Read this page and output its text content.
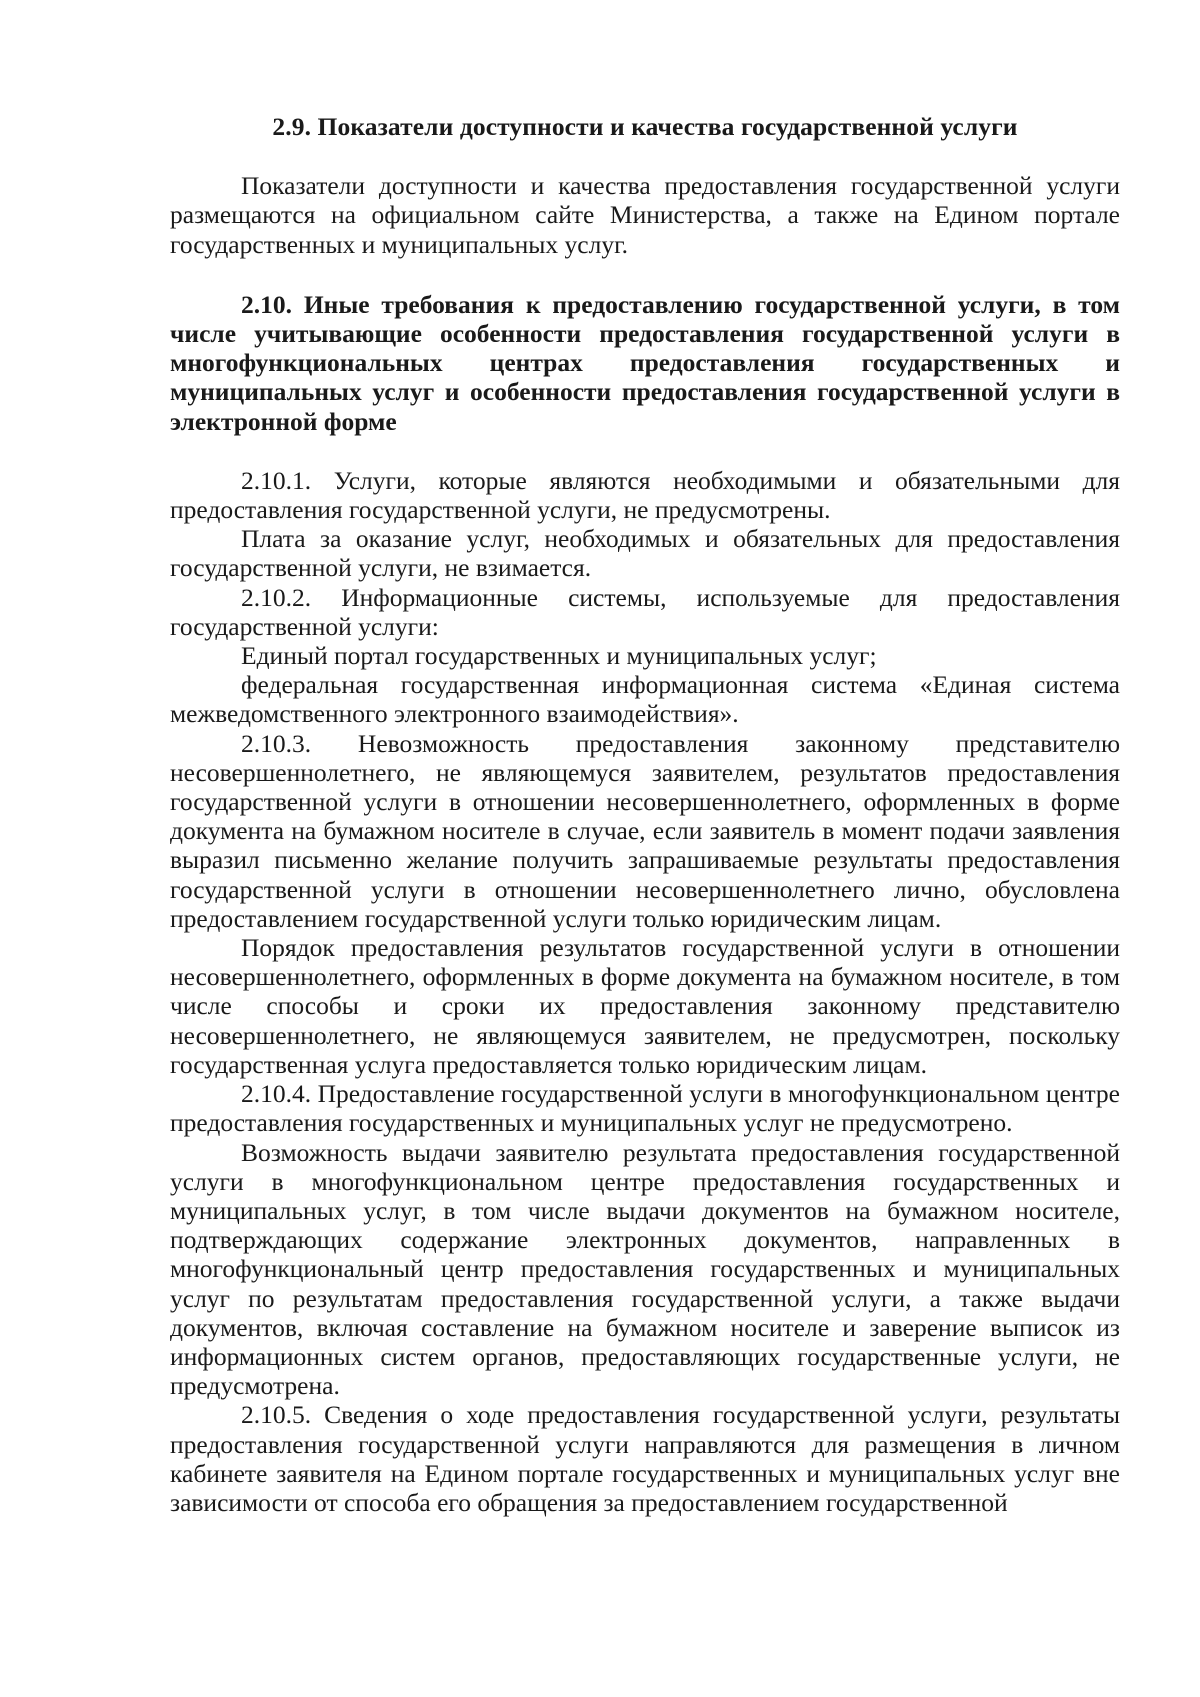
2.9. Показатели доступности и качества государственной услуги

Показатели доступности и качества предоставления государственной услуги размещаются на официальном сайте Министерства, а также на Едином портале государственных и муниципальных услуг.

2.10. Иные требования к предоставлению государственной услуги, в том числе учитывающие особенности предоставления государственной услуги в многофункциональных центрах предоставления государственных и муниципальных услуг и особенности предоставления государственной услуги в электронной форме

2.10.1. Услуги, которые являются необходимыми и обязательными для предоставления государственной услуги, не предусмотрены.

Плата за оказание услуг, необходимых и обязательных для предоставления государственной услуги, не взимается.

2.10.2. Информационные системы, используемые для предоставления государственной услуги:

Единый портал государственных и муниципальных услуг;

федеральная государственная информационная система «Единая система межведомственного электронного взаимодействия».

2.10.3. Невозможность предоставления законному представителю несовершеннолетнего, не являющемуся заявителем, результатов предоставления государственной услуги в отношении несовершеннолетнего, оформленных в форме документа на бумажном носителе в случае, если заявитель в момент подачи заявления выразил письменно желание получить запрашиваемые результаты предоставления государственной услуги в отношении несовершеннолетнего лично, обусловлена предоставлением государственной услуги только юридическим лицам.

Порядок предоставления результатов государственной услуги в отношении несовершеннолетнего, оформленных в форме документа на бумажном носителе, в том числе способы и сроки их предоставления законному представителю несовершеннолетнего, не являющемуся заявителем, не предусмотрен, поскольку государственная услуга предоставляется только юридическим лицам.

2.10.4. Предоставление государственной услуги в многофункциональном центре предоставления государственных и муниципальных услуг не предусмотрено.

Возможность выдачи заявителю результата предоставления государственной услуги в многофункциональном центре предоставления государственных и муниципальных услуг, в том числе выдачи документов на бумажном носителе, подтверждающих содержание электронных документов, направленных в многофункциональный центр предоставления государственных и муниципальных услуг по результатам предоставления государственной услуги, а также выдачи документов, включая составление на бумажном носителе и заверение выписок из информационных систем органов, предоставляющих государственные услуги, не предусмотрена.

2.10.5. Сведения о ходе предоставления государственной услуги, результаты предоставления государственной услуги направляются для размещения в личном кабинете заявителя на Едином портале государственных и муниципальных услуг вне зависимости от способа его обращения за предоставлением государственной
